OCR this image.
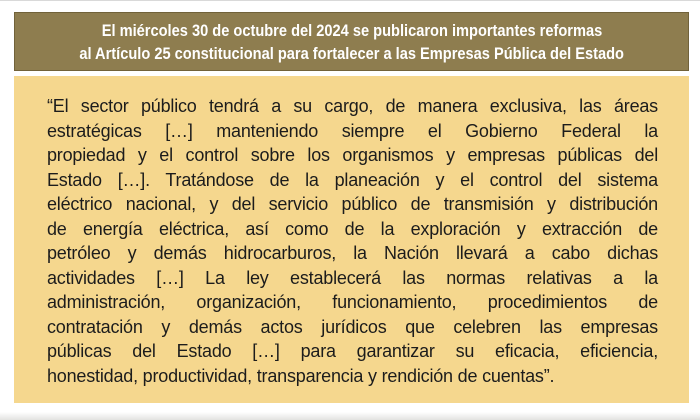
El miércoles 30 de octubre del 2024 se publicaron importantes reformas
al Artículo 25 constitucional para fortalecer a las Empresas Pública del Estado
“El sector público tendrá a su cargo, de manera exclusiva, las áreas
estratégicas […] manteniendo siempre el Gobierno Federal la
propiedad y el control sobre los organismos y empresas públicas del
Estado […]. Tratándose de la planeación y el control del sistema
eléctrico nacional, y del servicio público de transmisión y distribución
de energía eléctrica, así como de la exploración y extracción de
petróleo y demás hidrocarburos, la Nación llevará a cabo dichas
actividades […] La ley establecerá las normas relativas a la
administración, organización, funcionamiento, procedimientos de
contratación y demás actos jurídicos que celebren las empresas
públicas del Estado […] para garantizar su eficacia, eficiencia,
honestidad, productividad, transparencia y rendición de cuentas”.
